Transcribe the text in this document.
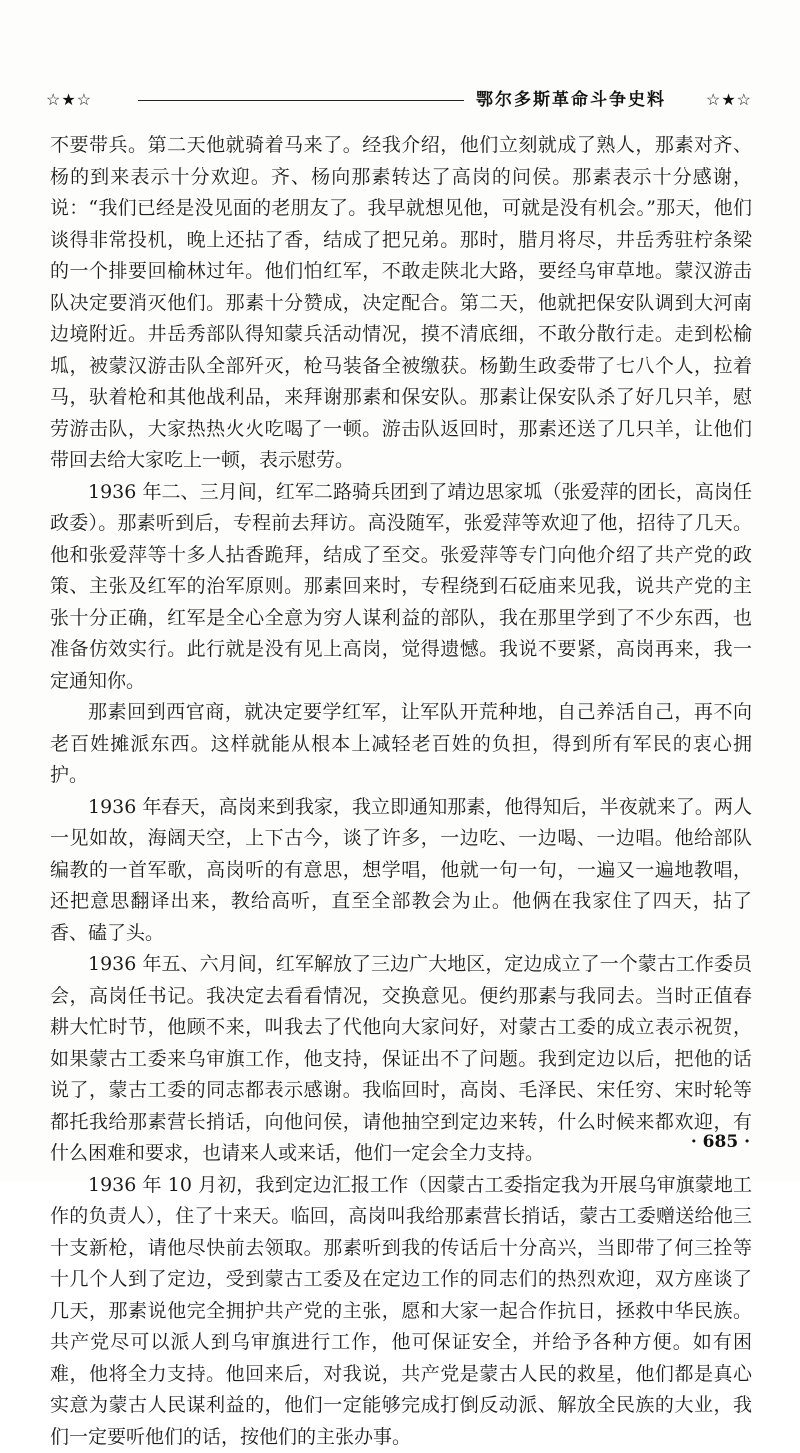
☆★☆	鄂尔多斯革命斗争史料 ☆★☆

不要带兵。第二天他就骑着马来了。经我介绍，他们立刻就成了熟人，那素对齐、杨的到来表示十分欢迎。齐、杨向那素转达了高岗的问侯。那素表示十分感谢，说：“我们已经是没见面的老朋友了。我早就想见他，可就是没有机会。”那天，他们谈得非常投机，晚上还拈了香，结成了把兄弟。那时，腊月将尽，井岳秀驻柠条梁的一个排要回榆林过年。他们怕红军，不敢走陕北大路，要经乌审草地。蒙汉游击队决定要消灭他们。那素十分赞成，决定配合。第二天，他就把保安队调到大河南边境附近。井岳秀部队得知蒙兵活动情况，摸不清底细，不敢分散行走。走到松榆坬，被蒙汉游击队全部歼灭，枪马装备全被缴获。杨勤生政委带了七八个人，拉着马，驮着枪和其他战利品，来拜谢那素和保安队。那素让保安队杀了好几只羊，慰劳游击队，大家热热火火吃喝了一顿。游击队返回时，那素还送了几只羊，让他们带回去给大家吃上一顿，表示慰劳。

1936 年二、三月间，红军二路骑兵团到了靖边思家坬（张爱萍的团长，高岗任政委）。那素听到后，专程前去拜访。高没随军，张爱萍等欢迎了他，招待了几天。他和张爱萍等十多人拈香跪拜，结成了至交。张爱萍等专门向他介绍了共产党的政策、主张及红军的治军原则。那素回来时，专程绕到石砭庙来见我，说共产党的主张十分正确，红军是全心全意为穷人谋利益的部队，我在那里学到了不少东西，也准备仿效实行。此行就是没有见上高岗，觉得遗憾。我说不要紧，高岗再来，我一定通知你。

那素回到西官商，就决定要学红军，让军队开荒种地，自己养活自己，再不向老百姓摊派东西。这样就能从根本上减轻老百姓的负担，得到所有军民的衷心拥护。

1936 年春天，高岗来到我家，我立即通知那素，他得知后，半夜就来了。两人一见如故，海阔天空，上下古今，谈了许多，一边吃、一边喝、一边唱。他给部队编教的一首军歌，高岗听的有意思，想学唱，他就一句一句，一遍又一遍地教唱，还把意思翻译出来，教给高听，直至全部教会为止。他俩在我家住了四天，拈了香、磕了头。

1936 年五、六月间，红军解放了三边广大地区，定边成立了一个蒙古工作委员会，高岗任书记。我决定去看看情况，交换意见。便约那素与我同去。当时正值春耕大忙时节，他顾不来，叫我去了代他向大家问好，对蒙古工委的成立表示祝贺，如果蒙古工委来乌审旗工作，他支持，保证出不了问题。我到定边以后，把他的话说了，蒙古工委的同志都表示感谢。我临回时，高岗、毛泽民、宋任穷、宋时轮等都托我给那素营长捎话，向他问侯，请他抽空到定边来转，什么时候来都欢迎，有什么困难和要求，也请来人或来话，他们一定会全力支持。

1936 年 10 月初，我到定边汇报工作（因蒙古工委指定我为开展乌审旗蒙地工作的负责人），住了十来天。临回，高岗叫我给那素营长捎话，蒙古工委赠送给他三十支新枪，请他尽快前去领取。那素听到我的传话后十分高兴，当即带了何三拴等十几个人到了定边，受到蒙古工委及在定边工作的同志们的热烈欢迎，双方座谈了几天，那素说他完全拥护共产党的主张，愿和大家一起合作抗日，拯救中华民族。共产党尽可以派人到乌审旗进行工作，他可保证安全，并给予各种方便。如有困难，他将全力支持。他回来后，对我说，共产党是蒙古人民的救星，他们都是真心实意为蒙古人民谋利益的，他们一定能够完成打倒反动派、解放全民族的大业，我们一定要听他们的话，按他们的主张办事。

· 685 ·
